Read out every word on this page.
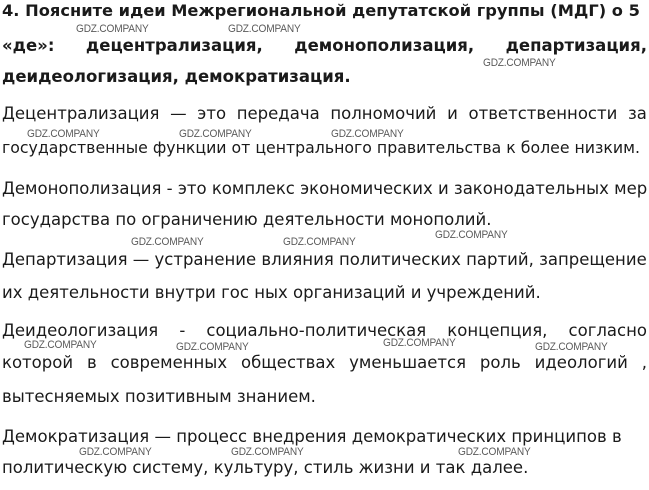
4. Поясните идеи Межрегиональной депутатской группы (МДГ) о 5
«де»: децентрализация, демонополизация, департизация,
деидеологизация, демократизация.
Децентрализация — это передача полномочий и ответственности за
государственные функции от центрального правительства к более низким.
Демонополизация - это комплекс экономических и законодательных мер
государства по ограничению деятельности монополий.
Департизация — устранение влияния политических партий, запрещение
их деятельности внутри гос ных организаций и учреждений.
Деидеологизация - социально-политическая концепция, согласно
которой в современных обществах уменьшается роль идеологий ,
вытесняемых позитивным знанием.
Демократизация — процесс внедрения демократических принципов в
политическую систему, культуру, стиль жизни и так далее.
GDZ.COMPANY	GDZ.COMPANY
GDZ.COMPANY
GDZ.COMPANY	GDZ.COMPANY	GDZ.COMPANY
GDZ.COMPANY	GDZ.COMPANY
GDZ.COMPANY
GDZ.COMPANY	GDZ.COMPANY	GDZ.COMPANY	GDZ.COMPANY
GDZ.COMPANY	GDZ.COMPANY	GDZ.COMPANY
